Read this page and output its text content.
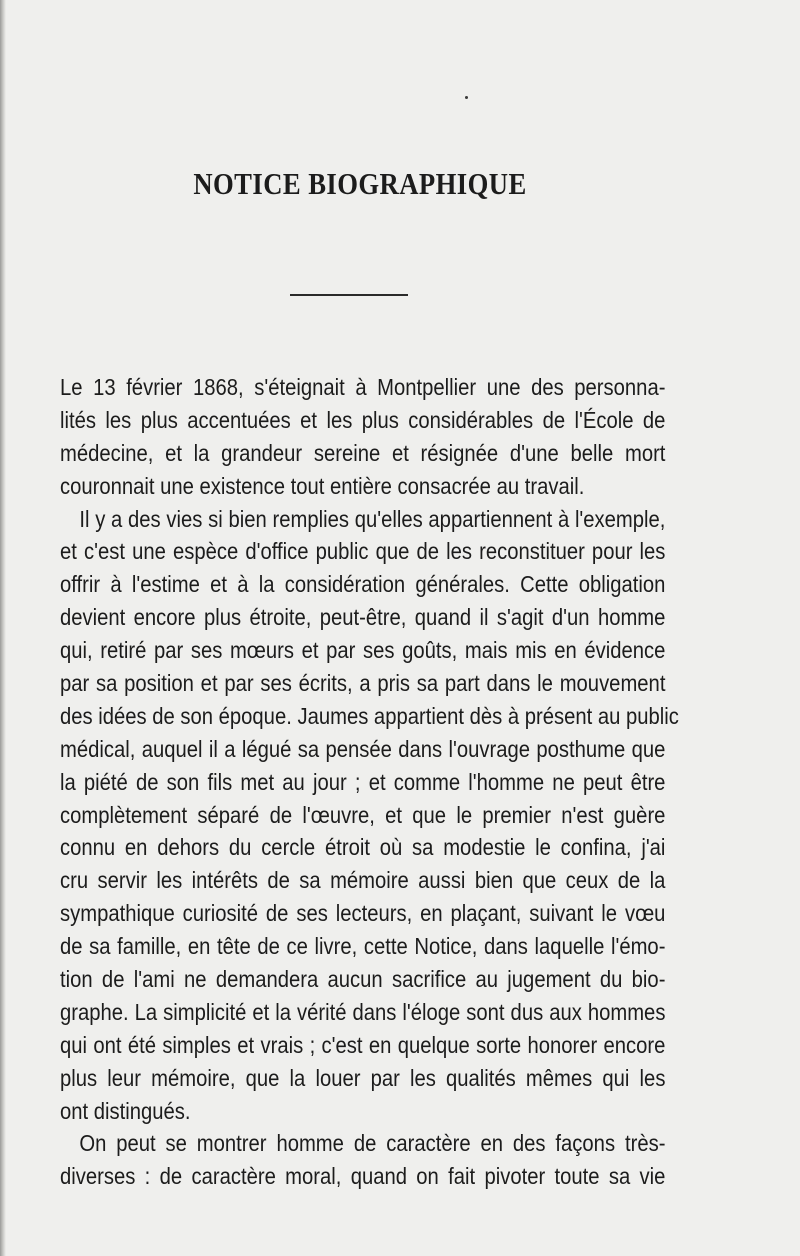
NOTICE BIOGRAPHIQUE
Le 13 février 1868, s'éteignait à Montpellier une des personna-
lités les plus accentuées et les plus considérables de l'École de
médecine, et la grandeur sereine et résignée d'une belle mort
couronnait une existence tout entière consacrée au travail.
Il y a des vies si bien remplies qu'elles appartiennent à l'exemple,
et c'est une espèce d'office public que de les reconstituer pour les
offrir à l'estime et à la considération générales. Cette obligation
devient encore plus étroite, peut-être, quand il s'agit d'un homme
qui, retiré par ses mœurs et par ses goûts, mais mis en évidence
par sa position et par ses écrits, a pris sa part dans le mouvement
des idées de son époque. Jaumes appartient dès à présent au public
médical, auquel il a légué sa pensée dans l'ouvrage posthume que
la piété de son fils met au jour ; et comme l'homme ne peut être
complètement séparé de l'œuvre, et que le premier n'est guère
connu en dehors du cercle étroit où sa modestie le confina, j'ai
cru servir les intérêts de sa mémoire aussi bien que ceux de la
sympathique curiosité de ses lecteurs, en plaçant, suivant le vœu
de sa famille, en tête de ce livre, cette Notice, dans laquelle l'émo-
tion de l'ami ne demandera aucun sacrifice au jugement du bio-
graphe. La simplicité et la vérité dans l'éloge sont dus aux hommes
qui ont été simples et vrais ; c'est en quelque sorte honorer encore
plus leur mémoire, que la louer par les qualités mêmes qui les
ont distingués.
On peut se montrer homme de caractère en des façons très-
diverses : de caractère moral, quand on fait pivoter toute sa vie
